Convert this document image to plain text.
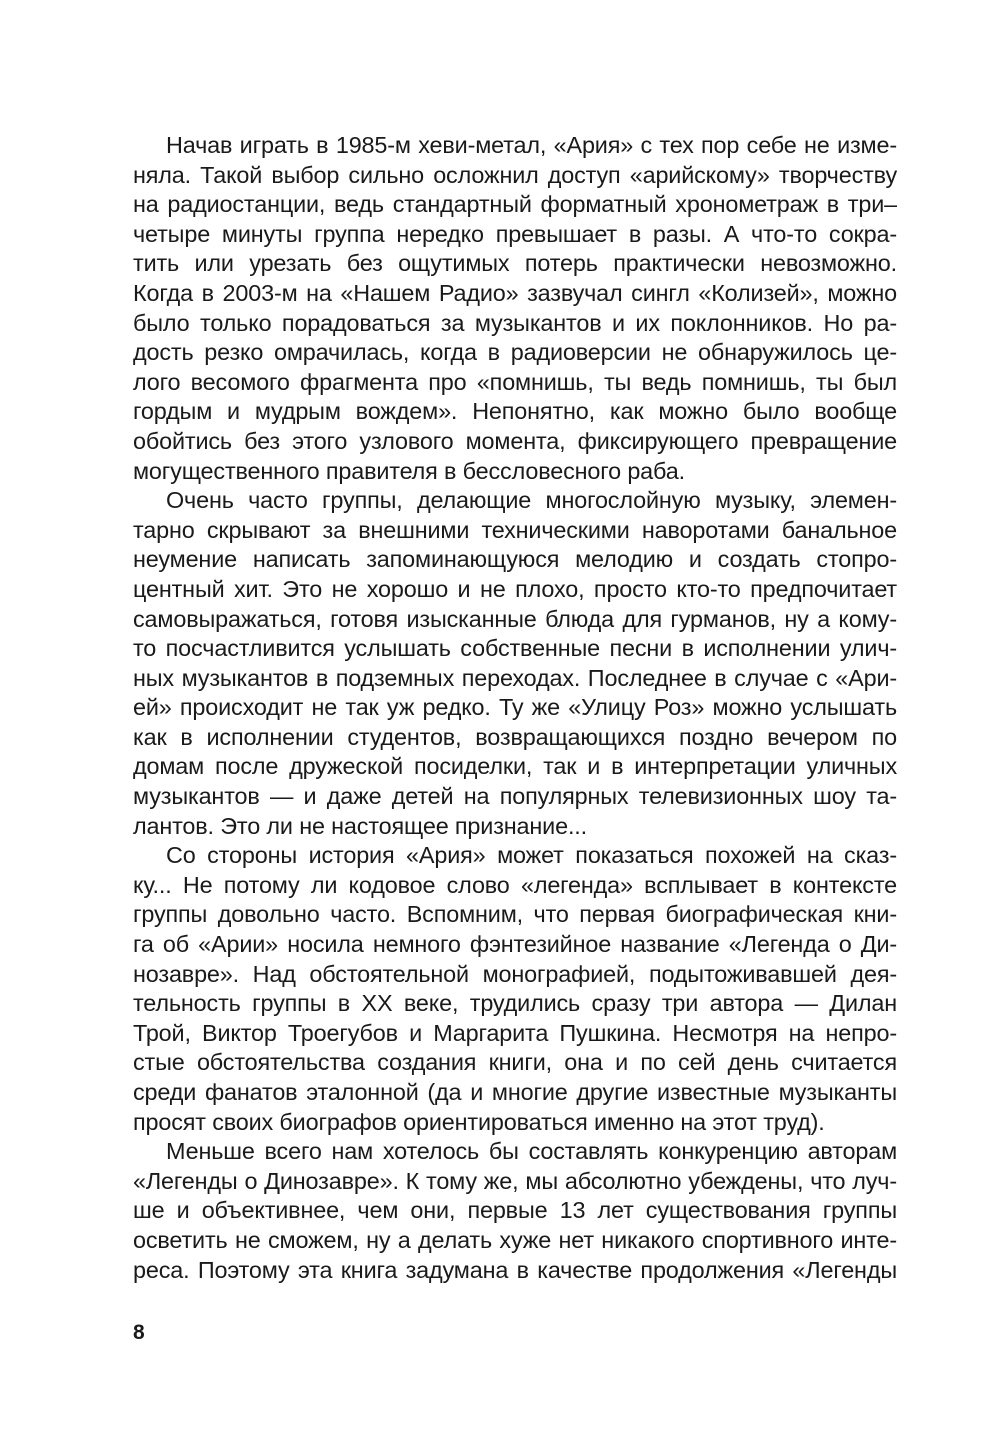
Начав играть в 1985-м хеви-метал, «Ария» с тех пор себе не изме-
няла. Такой выбор сильно осложнил доступ «арийскому» творчеству
на радиостанции, ведь стандартный форматный хронометраж в три–
четыре минуты группа нередко превышает в разы. А что-то сокра-
тить или урезать без ощутимых потерь практически невозможно.
Когда в 2003-м на «Нашем Радио» зазвучал сингл «Колизей», можно
было только порадоваться за музыкантов и их поклонников. Но ра-
дость резко омрачилась, когда в радиоверсии не обнаружилось це-
лого весомого фрагмента про «помнишь, ты ведь помнишь, ты был
гордым и мудрым вождем». Непонятно, как можно было вообще
обойтись без этого узлового момента, фиксирующего превращение
могущественного правителя в бессловесного раба.
Очень часто группы, делающие многослойную музыку, элемен-
тарно скрывают за внешними техническими наворотами банальное
неумение написать запоминающуюся мелодию и создать стопро-
центный хит. Это не хорошо и не плохо, просто кто-то предпочитает
самовыражаться, готовя изысканные блюда для гурманов, ну а кому-
то посчастливится услышать собственные песни в исполнении улич-
ных музыкантов в подземных переходах. Последнее в случае с «Ари-
ей» происходит не так уж редко. Ту же «Улицу Роз» можно услышать
как в исполнении студентов, возвращающихся поздно вечером по
домам после дружеской посиделки, так и в интерпретации уличных
музыкантов — и даже детей на популярных телевизионных шоу та-
лантов. Это ли не настоящее признание...
Со стороны история «Ария» может показаться похожей на сказ-
ку... Не потому ли кодовое слово «легенда» всплывает в контексте
группы довольно часто. Вспомним, что первая биографическая кни-
га об «Арии» носила немного фэнтезийное название «Легенда о Ди-
нозавре». Над обстоятельной монографией, подытоживавшей дея-
тельность группы в XX веке, трудились сразу три автора — Дилан
Трой, Виктор Троегубов и Маргарита Пушкина. Несмотря на непро-
стые обстоятельства создания книги, она и по сей день считается
среди фанатов эталонной (да и многие другие известные музыканты
просят своих биографов ориентироваться именно на этот труд).
Меньше всего нам хотелось бы составлять конкуренцию авторам
«Легенды о Динозавре». К тому же, мы абсолютно убеждены, что луч-
ше и объективнее, чем они, первые 13 лет существования группы
осветить не сможем, ну а делать хуже нет никакого спортивного инте-
реса. Поэтому эта книга задумана в качестве продолжения «Легенды
8
